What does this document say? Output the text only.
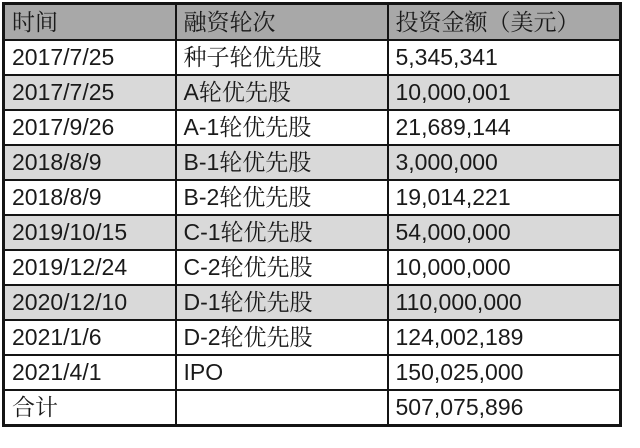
时间	融资轮次	投资金额（美元）
2017/7/25	种子轮优先股	5,345,341
2017/7/25	A轮优先股	10,000,001
2017/9/26	A-1轮优先股	21,689,144
2018/8/9	B-1轮优先股	3,000,000
2018/8/9	B-2轮优先股	19,014,221
2019/10/15	C-1轮优先股	54,000,000
2019/12/24	C-2轮优先股	10,000,000
2020/12/10	D-1轮优先股	110,000,000
2021/1/6	D-2轮优先股	124,002,189
2021/4/1	IPO	150,025,000
合计		507,075,896
